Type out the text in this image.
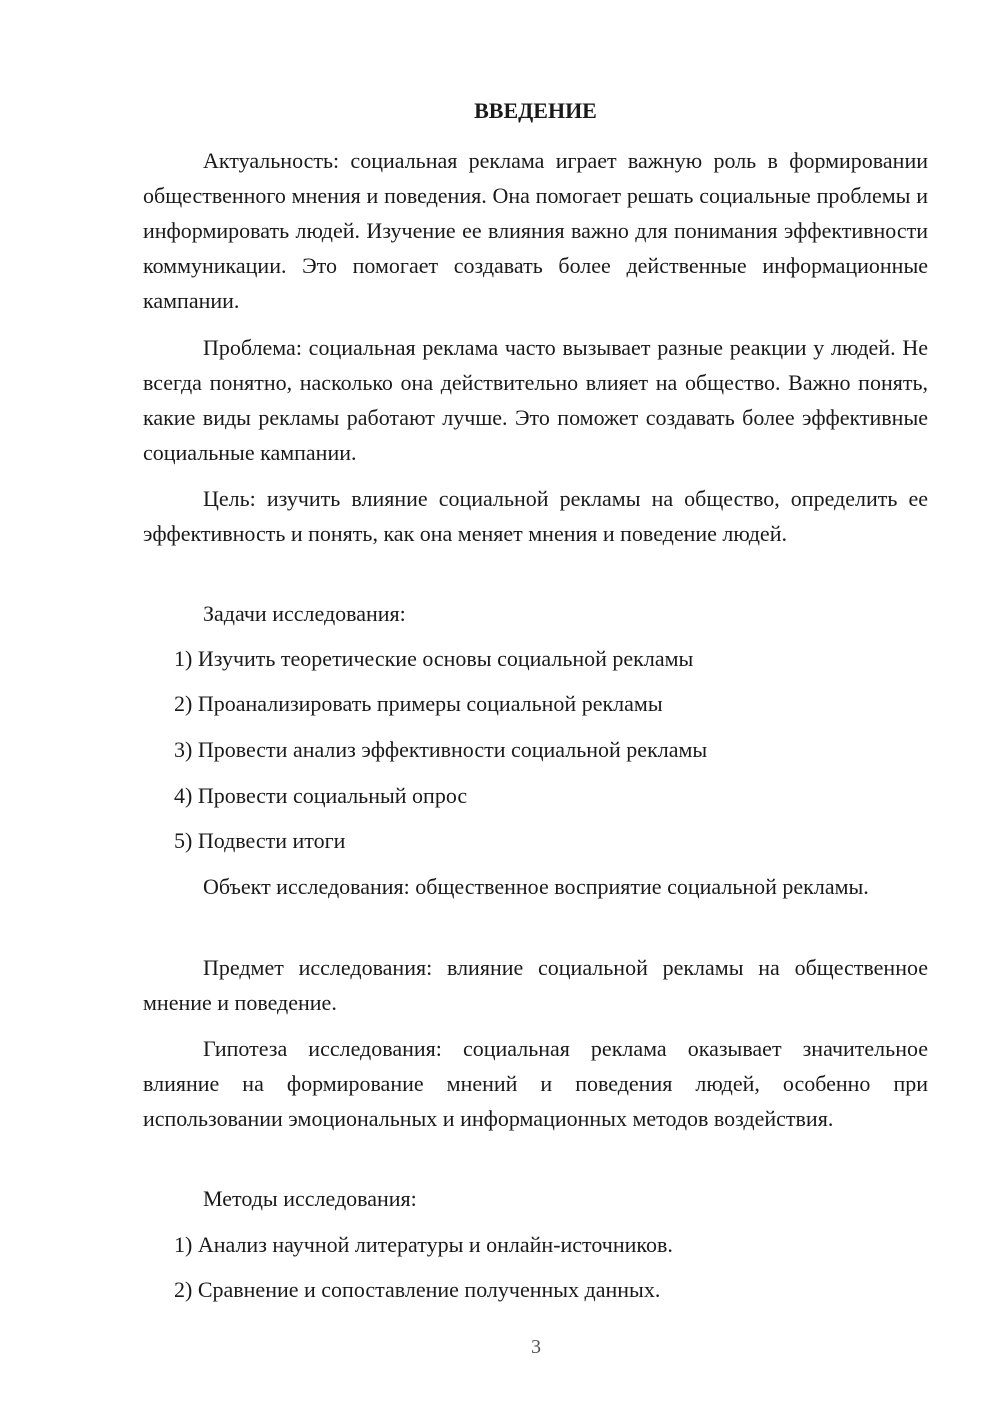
ВВЕДЕНИЕ

Актуальность: социальная реклама играет важную роль в формировании общественного мнения и поведения. Она помогает решать социальные проблемы и информировать людей. Изучение ее влияния важно для понимания эффективности коммуникации. Это помогает создавать более действенные информационные кампании.

Проблема: социальная реклама часто вызывает разные реакции у людей. Не всегда понятно, насколько она действительно влияет на общество. Важно понять, какие виды рекламы работают лучше. Это поможет создавать более эффективные социальные кампании.

Цель: изучить влияние социальной рекламы на общество, определить ее эффективность и понять, как она меняет мнения и поведение людей.

Задачи исследования:

1) Изучить теоретические основы социальной рекламы

2) Проанализировать примеры социальной рекламы

3) Провести анализ эффективности социальной рекламы

4) Провести социальный опрос

5) Подвести итоги

Объект исследования: общественное восприятие социальной рекламы.

Предмет исследования: влияние социальной рекламы на общественное мнение и поведение.

Гипотеза исследования: социальная реклама оказывает значительное влияние на формирование мнений и поведения людей, особенно при использовании эмоциональных и информационных методов воздействия.

Методы исследования:

1) Анализ научной литературы и онлайн-источников.

2) Сравнение и сопоставление полученных данных.

3
